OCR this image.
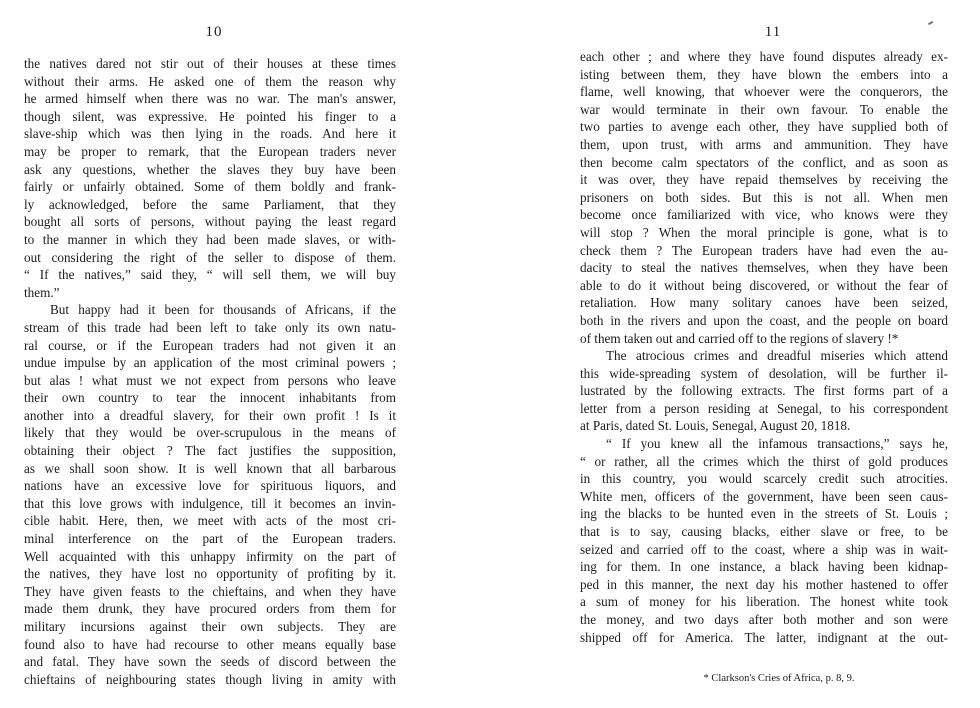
10
the natives dared not stir out of their houses at these times
without their arms. He asked one of them the reason why
he armed himself when there was no war. The man's answer,
though silent, was expressive. He pointed his finger to a
slave-ship which was then lying in the roads. And here it
may be proper to remark, that the European traders never
ask any questions, whether the slaves they buy have been
fairly or unfairly obtained. Some of them boldly and frank-
ly acknowledged, before the same Parliament, that they
bought all sorts of persons, without paying the least regard
to the manner in which they had been made slaves, or with-
out considering the right of the seller to dispose of them.
“ If the natives,” said they, “ will sell them, we will buy
them.”
But happy had it been for thousands of Africans, if the
stream of this trade had been left to take only its own natu-
ral course, or if the European traders had not given it an
undue impulse by an application of the most criminal powers ;
but alas ! what must we not expect from persons who leave
their own country to tear the innocent inhabitants from
another into a dreadful slavery, for their own profit ! Is it
likely that they would be over-scrupulous in the means of
obtaining their object ? The fact justifies the supposition,
as we shall soon show. It is well known that all barbarous
nations have an excessive love for spirituous liquors, and
that this love grows with indulgence, till it becomes an invin-
cible habit. Here, then, we meet with acts of the most cri-
minal interference on the part of the European traders.
Well acquainted with this unhappy infirmity on the part of
the natives, they have lost no opportunity of profiting by it.
They have given feasts to the chieftains, and when they have
made them drunk, they have procured orders from them for
military incursions against their own subjects. They are
found also to have had recourse to other means equally base
and fatal. They have sown the seeds of discord between the
chieftains of neighbouring states though living in amity with
11
each other ; and where they have found disputes already ex-
isting between them, they have blown the embers into a
flame, well knowing, that whoever were the conquerors, the
war would terminate in their own favour. To enable the
two parties to avenge each other, they have supplied both of
them, upon trust, with arms and ammunition. They have
then become calm spectators of the conflict, and as soon as
it was over, they have repaid themselves by receiving the
prisoners on both sides. But this is not all. When men
become once familiarized with vice, who knows were they
will stop ? When the moral principle is gone, what is to
check them ? The European traders have had even the au-
dacity to steal the natives themselves, when they have been
able to do it without being discovered, or without the fear of
retaliation. How many solitary canoes have been seized,
both in the rivers and upon the coast, and the people on board
of them taken out and carried off to the regions of slavery !*
The atrocious crimes and dreadful miseries which attend
this wide-spreading system of desolation, will be further il-
lustrated by the following extracts. The first forms part of a
letter from a person residing at Senegal, to his correspondent
at Paris, dated St. Louis, Senegal, August 20, 1818.
“ If you knew all the infamous transactions,” says he,
“ or rather, all the crimes which the thirst of gold produces
in this country, you would scarcely credit such atrocities.
White men, officers of the government, have been seen caus-
ing the blacks to be hunted even in the streets of St. Louis ;
that is to say, causing blacks, either slave or free, to be
seized and carried off to the coast, where a ship was in wait-
ing for them. In one instance, a black having been kidnap-
ped in this manner, the next day his mother hastened to offer
a sum of money for his liberation. The honest white took
the money, and two days after both mother and son were
shipped off for America. The latter, indignant at the out-
* Clarkson's Cries of Africa, p. 8, 9.
